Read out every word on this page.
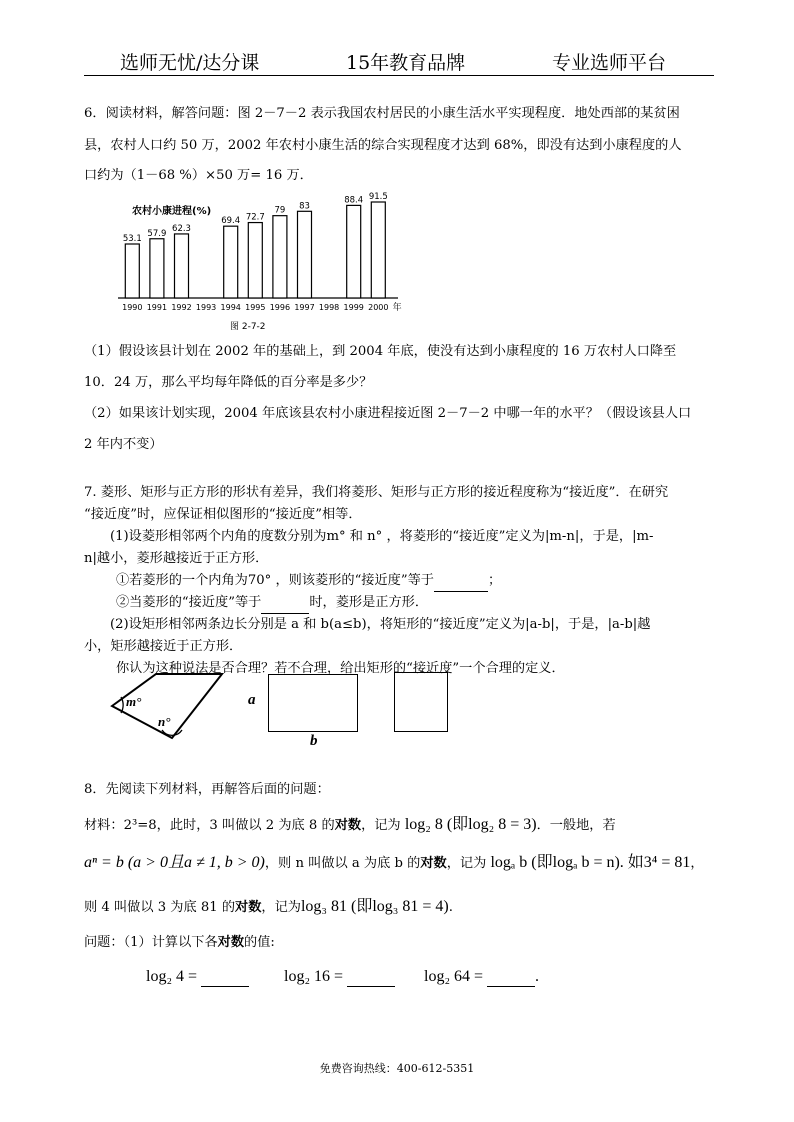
选师无忧/达分课	15年教育品牌	专业选师平台
6．阅读材料，解答问题：图 2－7－2 表示我国农村居民的小康生活水平实现程度．地处西部的某贫困
县，农村人口约 50 万，2002 年农村小康生活的综合实现程度才达到 68%，即没有达到小康程度的人
口约为（1－68 %）×50 万= 16 万．
农村小康进程(%)
53.1
57.9 62.3
69.4 72.7
79 83
88.4 91.5
1990 1991 1992 1993 1994 1995 1996 1997 1998 1999 2000 年
图 2-7-2
（1）假设该县计划在 2002 年的基础上，到 2004 年底，使没有达到小康程度的 16 万农村人口降至
10．24 万，那么平均每年降低的百分率是多少？
（2）如果该计划实现，2004 年底该县农村小康进程接近图 2－7－2 中哪一年的水平？（假设该县人口
2 年内不变）
7. 菱形、矩形与正方形的形状有差异，我们将菱形、矩形与正方形的接近程度称为“接近度”．在研究
“接近度”时，应保证相似图形的“接近度”相等．
(1)设菱形相邻两个内角的度数分别为m° 和 n° ，将菱形的“接近度”定义为|m-n|，于是，|m-
n|越小，菱形越接近于正方形．
①若菱形的一个内角为70° ，则该菱形的“接近度”等于	；
②当菱形的“接近度”等于	时，菱形是正方形．
(2)设矩形相邻两条边长分别是 a 和 b(a≤b)，将矩形的“接近度”定义为|a-b|，于是，|a-b|越
小，矩形越接近于正方形．
你认为这种说法是否合理？若不合理，给出矩形的“接近度”一个合理的定义．
m°
n°
a
b
8．先阅读下列材料，再解答后面的问题：
材料：2³=8，此时，3 叫做以 2 为底 8 的对数，记为 log₂ 8 (即log₂ 8 = 3)．一般地，若
aⁿ = b (a > 0且a ≠ 1, b > 0)，则 n 叫做以 a 为底 b 的对数，记为 logₐ b (即logₐ b = n). 如3⁴ = 81，
则 4 叫做以 3 为底 81 的对数，记为log₃ 81 (即log₃ 81 = 4).
问题：（1）计算以下各对数的值:
log₂ 4 =	log₂ 16 =	log₂ 64 =	.
免费咨询热线：400-612-5351
